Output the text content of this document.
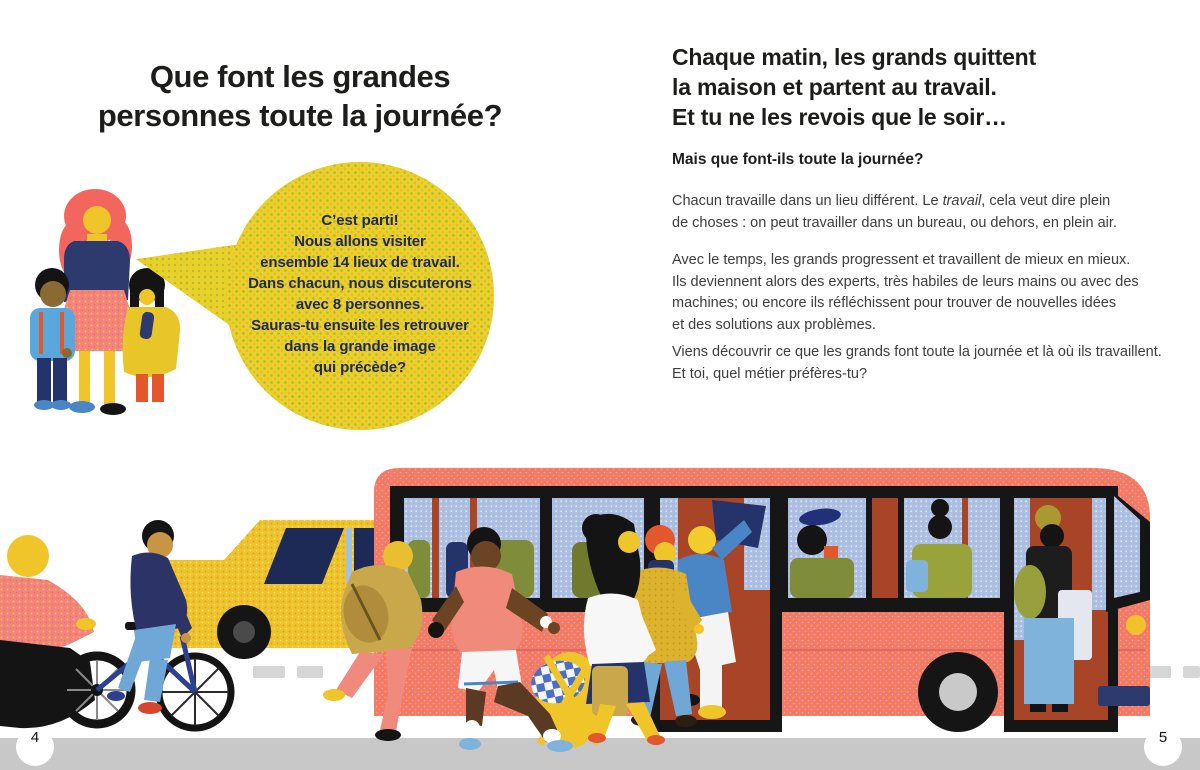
Que font les grandes
personnes toute la journée?
C’est parti!
Nous allons visiter
ensemble 14 lieux de travail.
Dans chacun, nous discuterons
avec 8 personnes.
Sauras-tu ensuite les retrouver
dans la grande image
qui précède?
Chaque matin, les grands quittent
la maison et partent au travail.
Et tu ne les revois que le soir…
Mais que font-ils toute la journée?
Chacun travaille dans un lieu différent. Le travail, cela veut dire plein
de choses : on peut travailler dans un bureau, ou dehors, en plein air.
Avec le temps, les grands progressent et travaillent de mieux en mieux.
Ils deviennent alors des experts, très habiles de leurs mains ou avec des
machines; ou encore ils réfléchissent pour trouver de nouvelles idées
et des solutions aux problèmes.
Viens découvrir ce que les grands font toute la journée et là où ils travaillent.
Et toi, quel métier préfères-tu?
4	5
